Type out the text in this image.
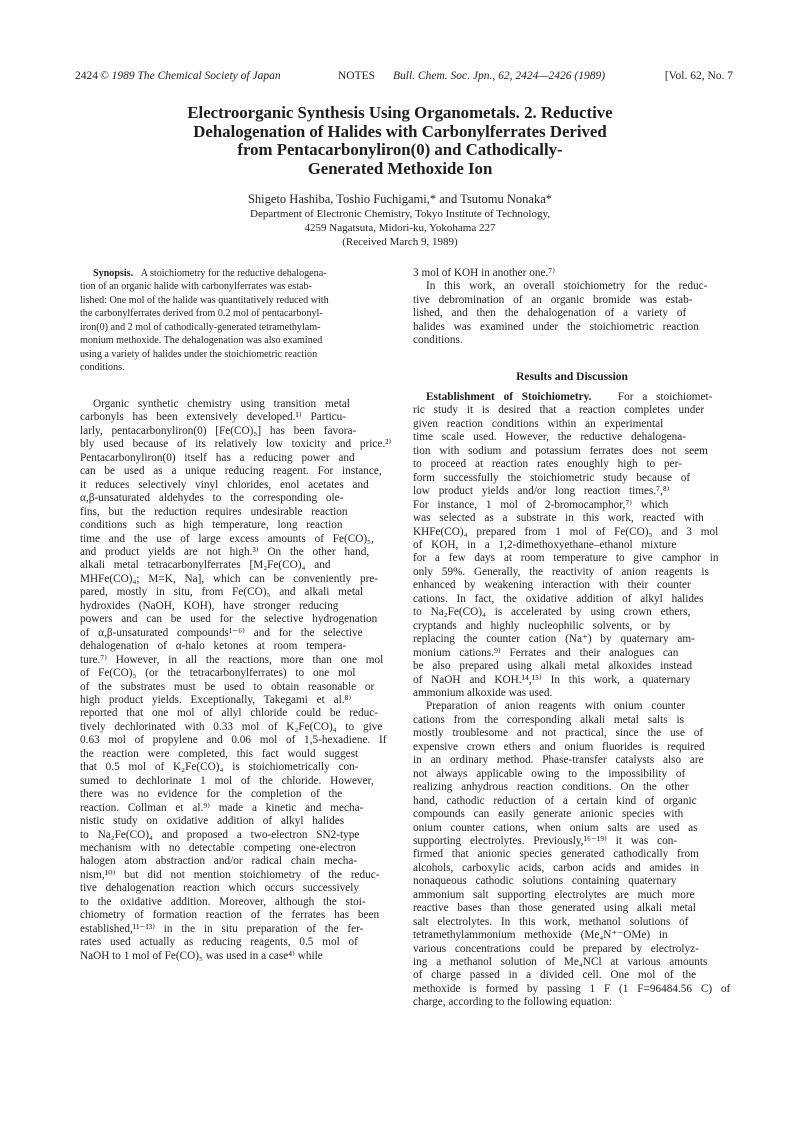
2424 © 1989 The Chemical Society of Japan	NOTES Bull. Chem. Soc. Jpn., 62, 2424—2426 (1989)	[Vol. 62, No. 7
Electroorganic Synthesis Using Organometals. 2. Reductive
Dehalogenation of Halides with Carbonylferrates Derived
from Pentacarbonyliron(0) and Cathodically-
Generated Methoxide Ion
Shigeto Hashiba, Toshio Fuchigami,* and Tsutomu Nonaka*
Department of Electronic Chemistry, Tokyo Institute of Technology,
4259 Nagatsuta, Midori-ku, Yokohama 227
(Received March 9, 1989)
Synopsis. A stoichiometry for the reductive dehalogena-
tion of an organic halide with carbonylferrates was estab-
lished: One mol of the halide was quantitatively reduced with
the carbonylferrates derived from 0.2 mol of pentacarbonyl-
iron(0) and 2 mol of cathodically-generated tetramethylam-
monium methoxide. The dehalogenation was also examined
using a variety of halides under the stoichiometric reaction
conditions.
Organic synthetic chemistry using transition metal
carbonyls has been extensively developed.¹⁾ Particu-
larly, pentacarbonyliron(0) [Fe(CO)₅] has been favora-
bly used because of its relatively low toxicity and price.²⁾
Pentacarbonyliron(0) itself has a reducing power and
can be used as a unique reducing reagent. For instance,
it reduces selectively vinyl chlorides, enol acetates and
α,β-unsaturated aldehydes to the corresponding ole-
fins, but the reduction requires undesirable reaction
conditions such as high temperature, long reaction
time and the use of large excess amounts of Fe(CO)₅,
and product yields are not high.³⁾ On the other hand,
alkali metal tetracarbonylferrates [M₂Fe(CO)₄ and
MHFe(CO)₄; M=K, Na], which can be conveniently pre-
pared, mostly in situ, from Fe(CO)₅ and alkali metal
hydroxides (NaOH, KOH), have stronger reducing
powers and can be used for the selective hydrogenation
of α,β-unsaturated compounds¹⁻⁶⁾ and for the selective
dehalogenation of α-halo ketones at room tempera-
ture.⁷⁾ However, in all the reactions, more than one mol
of Fe(CO)₅ (or the tetracarbonylferrates) to one mol
of the substrates must be used to obtain reasonable or
high product yields. Exceptionally, Takegami et al.⁸⁾
reported that one mol of allyl chloride could be reduc-
tively dechlorinated with 0.33 mol of K₂Fe(CO)₄ to give
0.63 mol of propylene and 0.06 mol of 1,5-hexadiene. If
the reaction were completed, this fact would suggest
that 0.5 mol of K₂Fe(CO)₄ is stoichiometrically con-
sumed to dechlorinate 1 mol of the chloride. However,
there was no evidence for the completion of the
reaction. Collman et al.⁹⁾ made a kinetic and mecha-
nistic study on oxidative addition of alkyl halides
to Na₂Fe(CO)₄ and proposed a two-electron SN2-type
mechanism with no detectable competing one-electron
halogen atom abstraction and/or radical chain mecha-
nism,¹⁰⁾ but did not mention stoichiometry of the reduc-
tive dehalogenation reaction which occurs successively
to the oxidative addition. Moreover, although the stoi-
chiometry of formation reaction of the ferrates has been
established,¹¹⁻¹³⁾ in the in situ preparation of the fer-
rates used actually as reducing reagents, 0.5 mol of
NaOH to 1 mol of Fe(CO)₅ was used in a case⁴⁾ while
3 mol of KOH in another one.⁷⁾
In this work, an overall stoichiometry for the reduc-
tive debromination of an organic bromide was estab-
lished, and then the dehalogenation of a variety of
halides was examined under the stoichiometric reaction
conditions.
Results and Discussion
Establishment of Stoichiometry. For a stoichiomet-
ric study it is desired that a reaction completes under
given reaction conditions within an experimental
time scale used. However, the reductive dehalogena-
tion with sodium and potassium ferrates does not seem
to proceed at reaction rates enoughly high to per-
form successfully the stoichiometric study because of
low product yields and/or long reaction times.⁷,⁸⁾
For instance, 1 mol of 2-bromocamphor,⁷⁾ which
was selected as a substrate in this work, reacted with
KHFe(CO)₄ prepared from 1 mol of Fe(CO)₅ and 3 mol
of KOH, in a 1,2-dimethoxyethane–ethanol mixture
for a few days at room temperature to give camphor in
only 59%. Generally, the reactivity of anion reagents is
enhanced by weakening interaction with their counter
cations. In fact, the oxidative addition of alkyl halides
to Na₂Fe(CO)₄ is accelerated by using crown ethers,
cryptands and highly nucleophilic solvents, or by
replacing the counter cation (Na⁺) by quaternary am-
monium cations.⁹⁾ Ferrates and their analogues can
be also prepared using alkali metal alkoxides instead
of NaOH and KOH.¹⁴,¹⁵⁾ In this work, a quaternary
ammonium alkoxide was used.
Preparation of anion reagents with onium counter
cations from the corresponding alkali metal salts is
mostly troublesome and not practical, since the use of
expensive crown ethers and onium fluorides is required
in an ordinary method. Phase-transfer catalysts also are
not always applicable owing to the impossibility of
realizing anhydrous reaction conditions. On the other
hand, cathodic reduction of a certain kind of organic
compounds can easily generate anionic species with
onium counter cations, when onium salts are used as
supporting electrolytes. Previously,¹⁶⁻¹⁹⁾ it was con-
firmed that anionic species generated cathodically from
alcohols, carboxylic acids, carbon acids and amides in
nonaqueous cathodic solutions containing quaternary
ammonium salt supporting electrolytes are much more
reactive bases than those generated using alkali metal
salt electrolytes. In this work, methanol solutions of
tetramethylammonium methoxide (Me₄N⁺⁻OMe) in
various concentrations could be prepared by electrolyz-
ing a methanol solution of Me₄NCl at various amounts
of charge passed in a divided cell. One mol of the
methoxide is formed by passing 1 F (1 F=96484.56 C) of
charge, according to the following equation:
